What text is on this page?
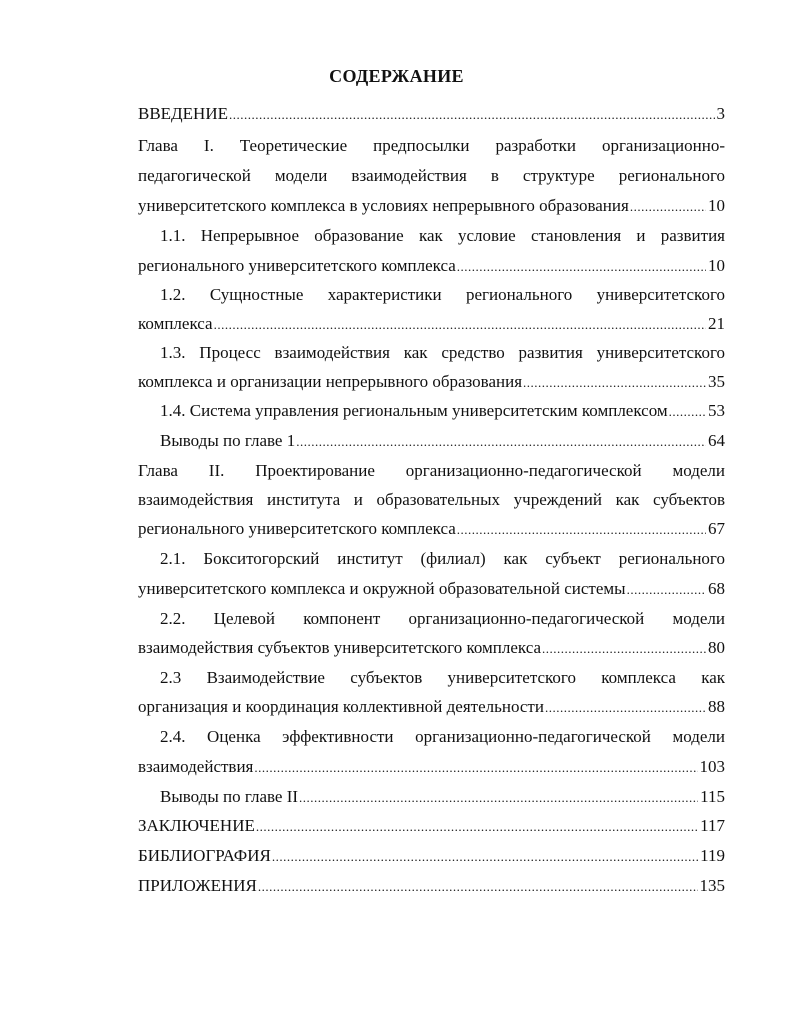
СОДЕРЖАНИЕ
ВВЕДЕНИЕ .....	3
Глава I. Теоретические предпосылки разработки организационно-
педагогической модели взаимодействия в структуре регионального
университетского комплекса в условиях непрерывного образования .....	10
1.1. Непрерывное образование как условие становления и развития
регионального университетского комплекса .....	10
1.2. Сущностные характеристики регионального университетского
комплекса .....	21
1.3. Процесс взаимодействия как средство развития университетского
комплекса и организации непрерывного образования .....	35
1.4. Система управления региональным университетским комплексом ..... 53
Выводы по главе 1 .....	64
Глава II. Проектирование организационно-педагогической модели
взаимодействия института и образовательных учреждений как субъектов
регионального университетского комплекса .....	67
2.1. Бокситогорский институт (филиал) как субъект регионального
университетского комплекса и окружной образовательной системы .....	68
2.2. Целевой компонент организационно-педагогической модели
взаимодействия субъектов университетского комплекса .....	80
2.3 Взаимодействие субъектов университетского комплекса как
организация и координация коллективной деятельности .....	88
2.4. Оценка эффективности организационно-педагогической модели
взаимодействия .....	103
Выводы по главе II .....	115
ЗАКЛЮЧЕНИЕ .....	117
БИБЛИОГРАФИЯ .....	119
ПРИЛОЖЕНИЯ .....	135
